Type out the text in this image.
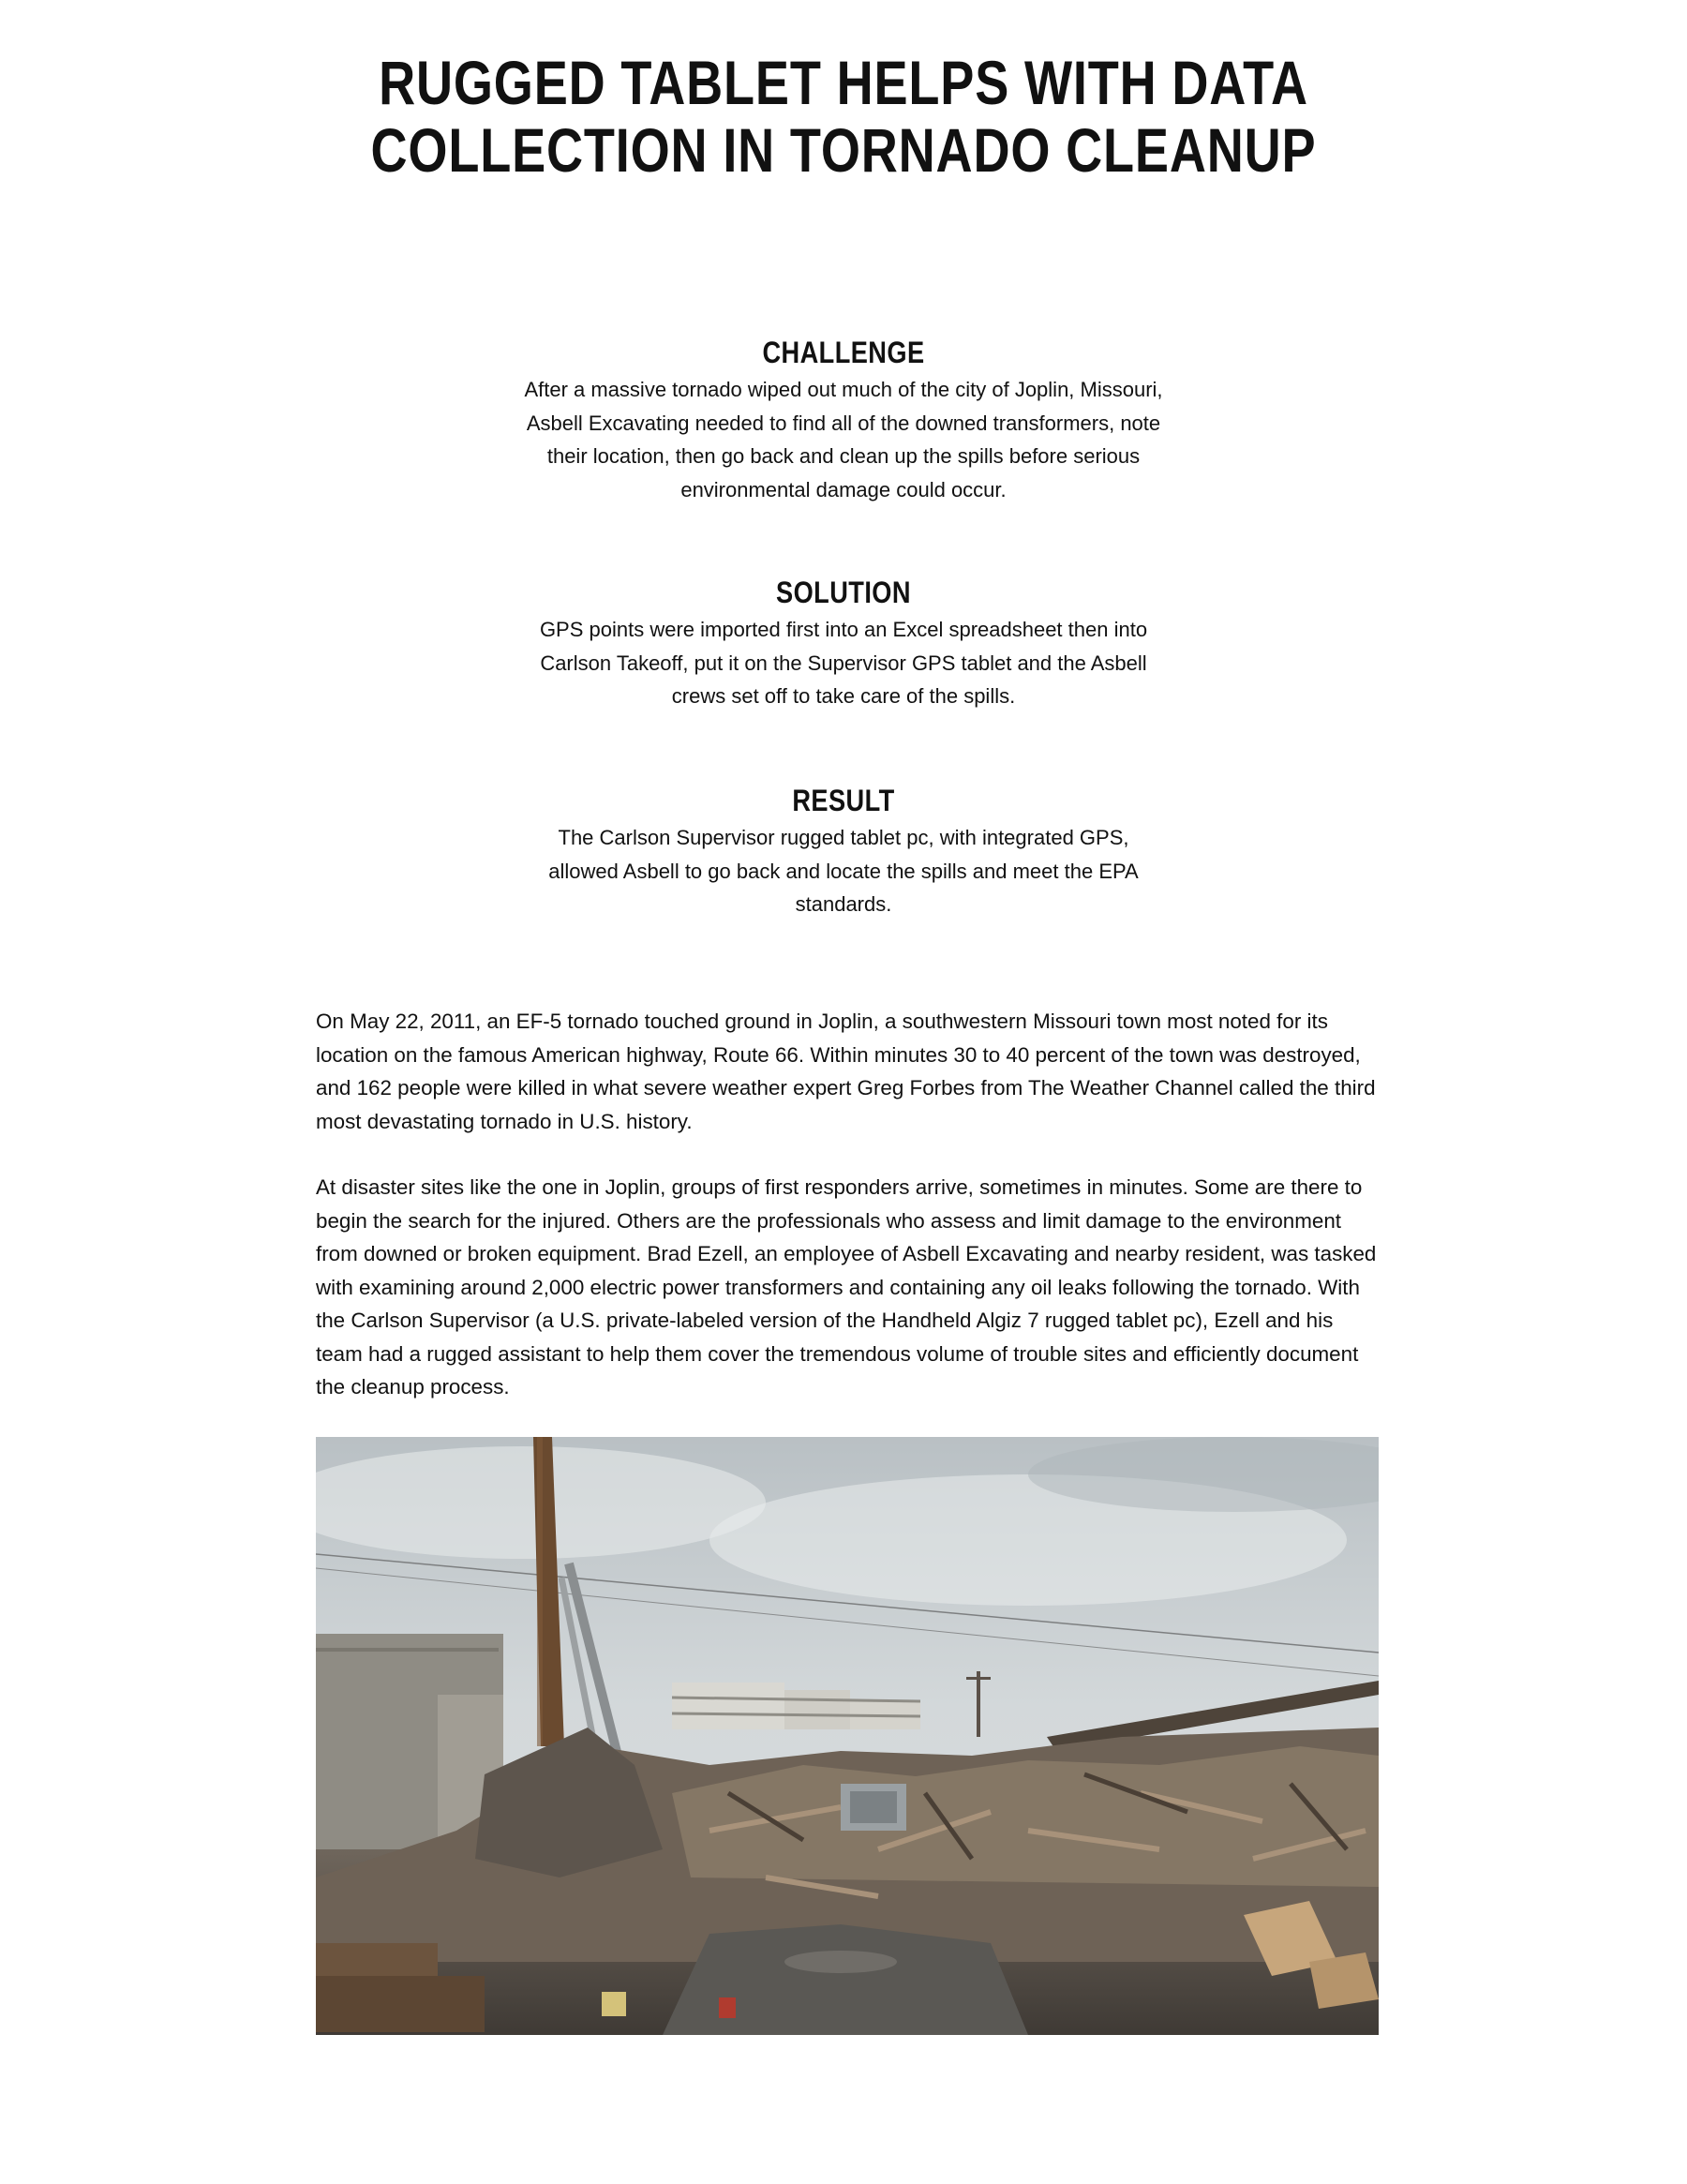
RUGGED TABLET HELPS WITH DATA
COLLECTION IN TORNADO CLEANUP
CHALLENGE

After a massive tornado wiped out much of the city of Joplin, Missouri, Asbell Excavating needed to find all of the downed transformers, note their location, then go back and clean up the spills before serious environmental damage could occur.

SOLUTION

GPS points were imported first into an Excel spreadsheet then into Carlson Takeoff, put it on the Supervisor GPS tablet and the Asbell crews set off to take care of the spills.

RESULT

The Carlson Supervisor rugged tablet pc, with integrated GPS, allowed Asbell to go back and locate the spills and meet the EPA standards.

On May 22, 2011, an EF-5 tornado touched ground in Joplin, a southwestern Missouri town most noted for its location on the famous American highway, Route 66. Within minutes 30 to 40 percent of the town was destroyed, and 162 people were killed in what severe weather expert Greg Forbes from The Weather Channel called the third most devastating tornado in U.S. history.

At disaster sites like the one in Joplin, groups of first responders arrive, sometimes in minutes. Some are there to begin the search for the injured. Others are the professionals who assess and limit damage to the environment from downed or broken equipment. Brad Ezell, an employee of Asbell Excavating and nearby resident, was tasked with examining around 2,000 electric power transformers and containing any oil leaks following the tornado. With the Carlson Supervisor (a U.S. private-labeled version of the Handheld Algiz 7 rugged tablet pc), Ezell and his team had a rugged assistant to help them cover the tremendous volume of trouble sites and efficiently document the cleanup process.
